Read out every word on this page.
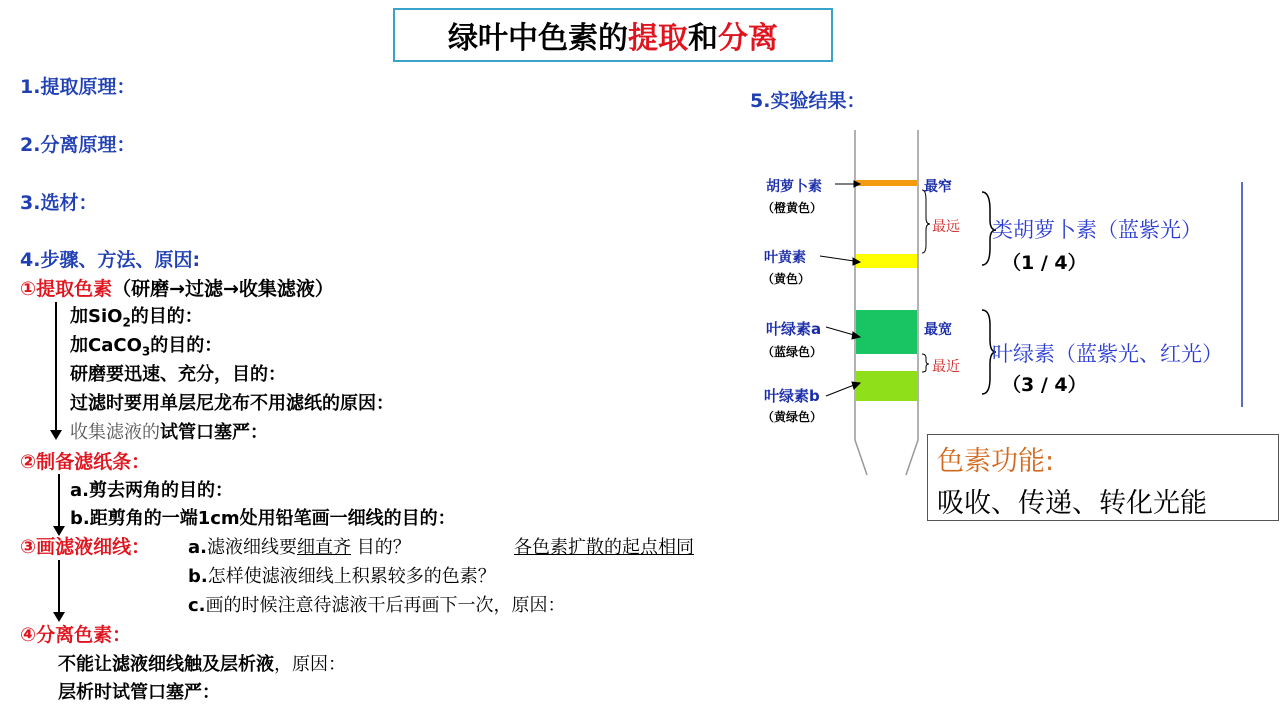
绿叶中色素的 提取 和 分离
1.提取原理：
2.分离原理：
3.选材：
4.步骤、方法、原因:
①提取色素（研磨→过滤→收集滤液）
加SiO$_2$的目的：
加CaCO$_3$的目的：
研磨要迅速、充分，目的：
过滤时要用单层尼龙布不用滤纸的原因：
收集滤液的试管口塞严：
②制备滤纸条：
a.剪去两角的目的：
b.距剪角的一端1cm处用铅笔画一细线的目的：
③画滤液细线： a.滤液细线要细直齐 目的？	各色素扩散的起点相同
b.怎样使滤液细线上积累较多的色素？
c.画的时候注意待滤液干后再画下一次，原因：
④分离色素：
不能让滤液细线触及层析液，原因：
层析时试管口塞严：
5.实验结果：
胡萝卜素
（橙黄色）
叶黄素
（黄色）
叶绿素a
（蓝绿色）
叶绿素b
（黄绿色）
最窄
最远
最宽
最近
类胡萝卜素（蓝紫光）
（1 / 4）
叶绿素（蓝紫光、红光）
（3 / 4）
色素功能:
吸收、传递、转化光能
